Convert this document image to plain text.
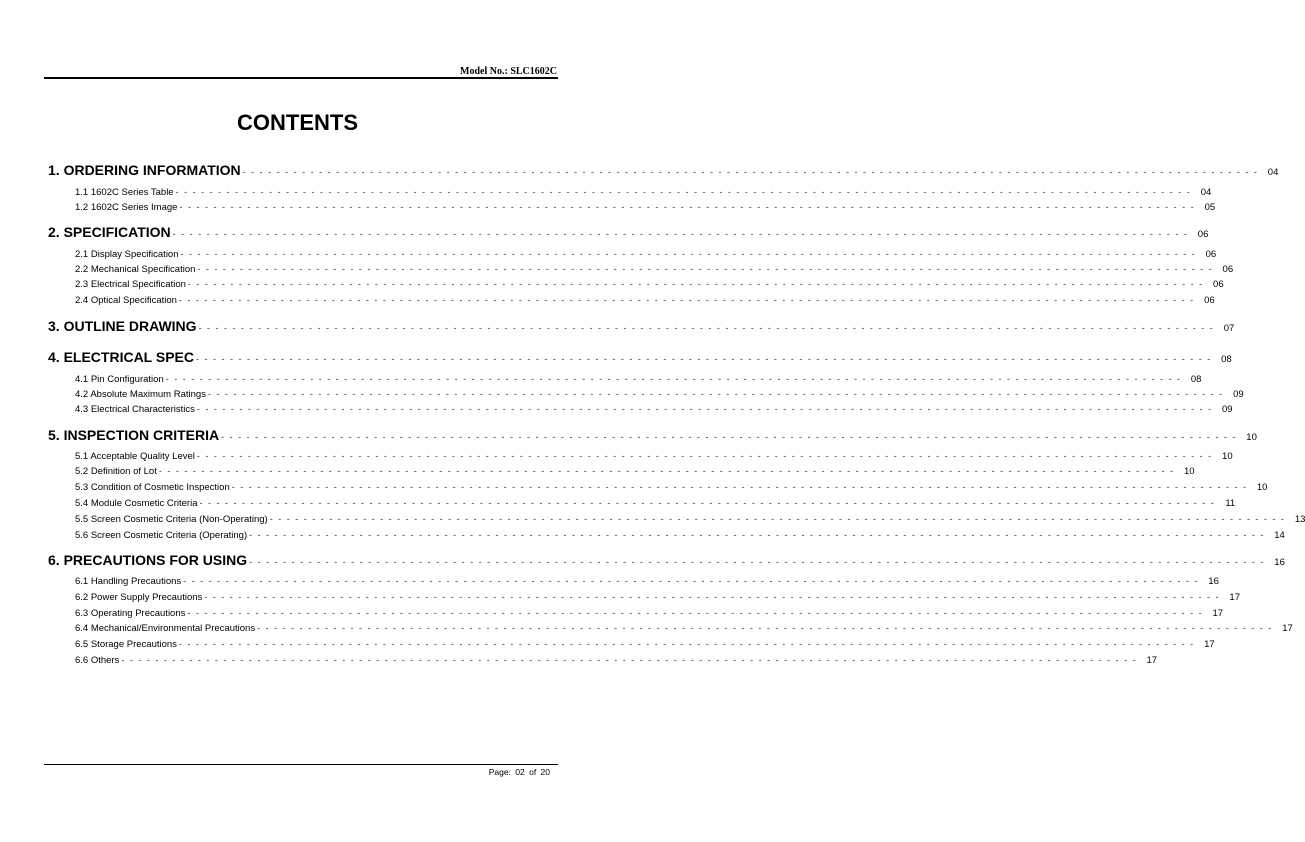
Model No.: SLC1602C
CONTENTS
1. ORDERING INFORMATION - - - - - - - - - - - - - - - - - - - - - - - - - - - - - - - - - - - - - - - - - - - - - - - - - - - - - - - - - - - - - - - - - - - - - - - - - - - - - - - - - - - - - - - - - - - - - - - - - - - - - - - - - - - - - - - - - - - - - - - - 04
1.1 1602C Series Table - - - - - - - - - - - - - - - - - - - - - - - - - - - - - - - - - - - - - - - - - - - - - - - - - - - - - - - - - - - - - - - - - - - - - - - - - - - - - - - - - - - - - - - - - - - - - - - - - - - - - - - - - - - - - - - - - - - - - - - - 04
1.2 1602C Series Image - - - - - - - - - - - - - - - - - - - - - - - - - - - - - - - - - - - - - - - - - - - - - - - - - - - - - - - - - - - - - - - - - - - - - - - - - - - - - - - - - - - - - - - - - - - - - - - - - - - - - - - - - - - - - - - - - - - - - - - - 05
2. SPECIFICATION - - - - - - - - - - - - - - - - - - - - - - - - - - - - - - - - - - - - - - - - - - - - - - - - - - - - - - - - - - - - - - - - - - - - - - - - - - - - - - - - - - - - - - - - - - - - - - - - - - - - - - - - - - - - - - - - - - - - - - - - 06
2.1 Display Specification - - - - - - - - - - - - - - - - - - - - - - - - - - - - - - - - - - - - - - - - - - - - - - - - - - - - - - - - - - - - - - - - - - - - - - - - - - - - - - - - - - - - - - - - - - - - - - - - - - - - - - - - - - - - - - - - - - - - - - - - 06
2.2 Mechanical Specification - - - - - - - - - - - - - - - - - - - - - - - - - - - - - - - - - - - - - - - - - - - - - - - - - - - - - - - - - - - - - - - - - - - - - - - - - - - - - - - - - - - - - - - - - - - - - - - - - - - - - - - - - - - - - - - - - - - - - - - - 06
2.3 Electrical Specification - - - - - - - - - - - - - - - - - - - - - - - - - - - - - - - - - - - - - - - - - - - - - - - - - - - - - - - - - - - - - - - - - - - - - - - - - - - - - - - - - - - - - - - - - - - - - - - - - - - - - - - - - - - - - - - - - - - - - - - - 06
2.4 Optical Specification - - - - - - - - - - - - - - - - - - - - - - - - - - - - - - - - - - - - - - - - - - - - - - - - - - - - - - - - - - - - - - - - - - - - - - - - - - - - - - - - - - - - - - - - - - - - - - - - - - - - - - - - - - - - - - - - - - - - - - - - 06
3. OUTLINE DRAWING - - - - - - - - - - - - - - - - - - - - - - - - - - - - - - - - - - - - - - - - - - - - - - - - - - - - - - - - - - - - - - - - - - - - - - - - - - - - - - - - - - - - - - - - - - - - - - - - - - - - - - - - - - - - - - - - - - - - - - - - 07
4. ELECTRICAL SPEC - - - - - - - - - - - - - - - - - - - - - - - - - - - - - - - - - - - - - - - - - - - - - - - - - - - - - - - - - - - - - - - - - - - - - - - - - - - - - - - - - - - - - - - - - - - - - - - - - - - - - - - - - - - - - - - - - - - - - - - - 08
4.1 Pin Configuration - - - - - - - - - - - - - - - - - - - - - - - - - - - - - - - - - - - - - - - - - - - - - - - - - - - - - - - - - - - - - - - - - - - - - - - - - - - - - - - - - - - - - - - - - - - - - - - - - - - - - - - - - - - - - - - - - - - - - - - - 08
4.2 Absolute Maximum Ratings - - - - - - - - - - - - - - - - - - - - - - - - - - - - - - - - - - - - - - - - - - - - - - - - - - - - - - - - - - - - - - - - - - - - - - - - - - - - - - - - - - - - - - - - - - - - - - - - - - - - - - - - - - - - - - - - - - - - - - - - 09
4.3 Electrical Characteristics - - - - - - - - - - - - - - - - - - - - - - - - - - - - - - - - - - - - - - - - - - - - - - - - - - - - - - - - - - - - - - - - - - - - - - - - - - - - - - - - - - - - - - - - - - - - - - - - - - - - - - - - - - - - - - - - - - - - - - - - 09
5. INSPECTION CRITERIA - - - - - - - - - - - - - - - - - - - - - - - - - - - - - - - - - - - - - - - - - - - - - - - - - - - - - - - - - - - - - - - - - - - - - - - - - - - - - - - - - - - - - - - - - - - - - - - - - - - - - - - - - - - - - - - - - - - - - - - - 10
5.1 Acceptable Quality Level - - - - - - - - - - - - - - - - - - - - - - - - - - - - - - - - - - - - - - - - - - - - - - - - - - - - - - - - - - - - - - - - - - - - - - - - - - - - - - - - - - - - - - - - - - - - - - - - - - - - - - - - - - - - - - - - - - - - - - - - 10
5.2 Definition of Lot - - - - - - - - - - - - - - - - - - - - - - - - - - - - - - - - - - - - - - - - - - - - - - - - - - - - - - - - - - - - - - - - - - - - - - - - - - - - - - - - - - - - - - - - - - - - - - - - - - - - - - - - - - - - - - - - - - - - - - - - 10
5.3 Condition of Cosmetic Inspection - - - - - - - - - - - - - - - - - - - - - - - - - - - - - - - - - - - - - - - - - - - - - - - - - - - - - - - - - - - - - - - - - - - - - - - - - - - - - - - - - - - - - - - - - - - - - - - - - - - - - - - - - - - - - - - - - - - - - - - - 10
5.4 Module Cosmetic Criteria - - - - - - - - - - - - - - - - - - - - - - - - - - - - - - - - - - - - - - - - - - - - - - - - - - - - - - - - - - - - - - - - - - - - - - - - - - - - - - - - - - - - - - - - - - - - - - - - - - - - - - - - - - - - - - - - - - - - - - - - 11
5.5 Screen Cosmetic Criteria (Non-Operating) - - - - - - - - - - - - - - - - - - - - - - - - - - - - - - - - - - - - - - - - - - - - - - - - - - - - - - - - - - - - - - - - - - - - - - - - - - - - - - - - - - - - - - - - - - - - - - - - - - - - - - - - - - - - - - - - - - - - - - - - 13
5.6 Screen Cosmetic Criteria (Operating) - - - - - - - - - - - - - - - - - - - - - - - - - - - - - - - - - - - - - - - - - - - - - - - - - - - - - - - - - - - - - - - - - - - - - - - - - - - - - - - - - - - - - - - - - - - - - - - - - - - - - - - - - - - - - - - - - - - - - - - - 14
6. PRECAUTIONS FOR USING - - - - - - - - - - - - - - - - - - - - - - - - - - - - - - - - - - - - - - - - - - - - - - - - - - - - - - - - - - - - - - - - - - - - - - - - - - - - - - - - - - - - - - - - - - - - - - - - - - - - - - - - - - - - - - - - - - - - - - - - 16
6.1 Handling Precautions - - - - - - - - - - - - - - - - - - - - - - - - - - - - - - - - - - - - - - - - - - - - - - - - - - - - - - - - - - - - - - - - - - - - - - - - - - - - - - - - - - - - - - - - - - - - - - - - - - - - - - - - - - - - - - - - - - - - - - - - 16
6.2 Power Supply Precautions - - - - - - - - - - - - - - - - - - - - - - - - - - - - - - - - - - - - - - - - - - - - - - - - - - - - - - - - - - - - - - - - - - - - - - - - - - - - - - - - - - - - - - - - - - - - - - - - - - - - - - - - - - - - - - - - - - - - - - - - 17
6.3 Operating Precautions - - - - - - - - - - - - - - - - - - - - - - - - - - - - - - - - - - - - - - - - - - - - - - - - - - - - - - - - - - - - - - - - - - - - - - - - - - - - - - - - - - - - - - - - - - - - - - - - - - - - - - - - - - - - - - - - - - - - - - - - 17
6.4 Mechanical/Environmental Precautions - - - - - - - - - - - - - - - - - - - - - - - - - - - - - - - - - - - - - - - - - - - - - - - - - - - - - - - - - - - - - - - - - - - - - - - - - - - - - - - - - - - - - - - - - - - - - - - - - - - - - - - - - - - - - - - - - - - - - - - - 17
6.5 Storage Precautions - - - - - - - - - - - - - - - - - - - - - - - - - - - - - - - - - - - - - - - - - - - - - - - - - - - - - - - - - - - - - - - - - - - - - - - - - - - - - - - - - - - - - - - - - - - - - - - - - - - - - - - - - - - - - - - - - - - - - - - - 17
6.6 Others - - - - - - - - - - - - - - - - - - - - - - - - - - - - - - - - - - - - - - - - - - - - - - - - - - - - - - - - - - - - - - - - - - - - - - - - - - - - - - - - - - - - - - - - - - - - - - - - - - - - - - - - - - - - - - - - - - - - - - - - 17
Page: 02 of 20
